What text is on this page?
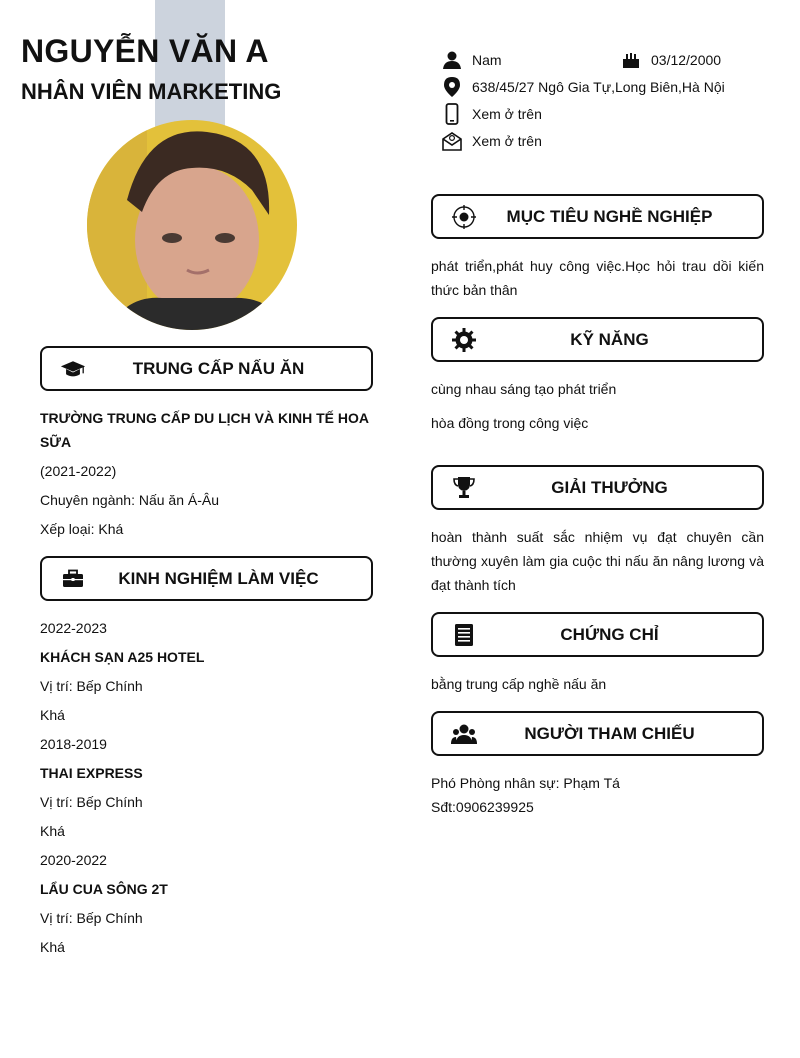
NGUYỄN VĂN A
NHÂN VIÊN MARKETING
Nam	03/12/2000
638/45/27 Ngô Gia Tự,Long Biên,Hà Nội
Xem ở trên
Xem ở trên
TRUNG CẤP NẤU ĂN
TRƯỜNG TRUNG CẤP DU LỊCH VÀ KINH TẾ HOA SỮA
(2021-2022)
Chuyên ngành: Nấu ăn Á-Âu
Xếp loại: Khá
KINH NGHIỆM LÀM VIỆC
2022-2023
KHÁCH SẠN A25 HOTEL
Vị trí: Bếp Chính
Khá
2018-2019
THAI EXPRESS
Vị trí: Bếp Chính
Khá
2020-2022
LẨU CUA SÔNG 2T
Vị trí: Bếp Chính
Khá
MỤC TIÊU NGHỀ NGHIỆP
phát triển,phát huy công việc.Học hỏi trau dồi kiến thức bản thân
KỸ NĂNG
cùng nhau sáng tạo phát triển
hòa đồng trong công việc
GIẢI THƯỞNG
hoàn thành suất sắc nhiệm vụ đạt chuyên cần thường xuyên làm gia cuộc thi nấu ăn nâng lương và đạt thành tích
CHỨNG CHỈ
bằng trung cấp nghề nấu ăn
NGƯỜI THAM CHIẾU
Phó Phòng nhân sự: Phạm Tá
Sđt:0906239925
